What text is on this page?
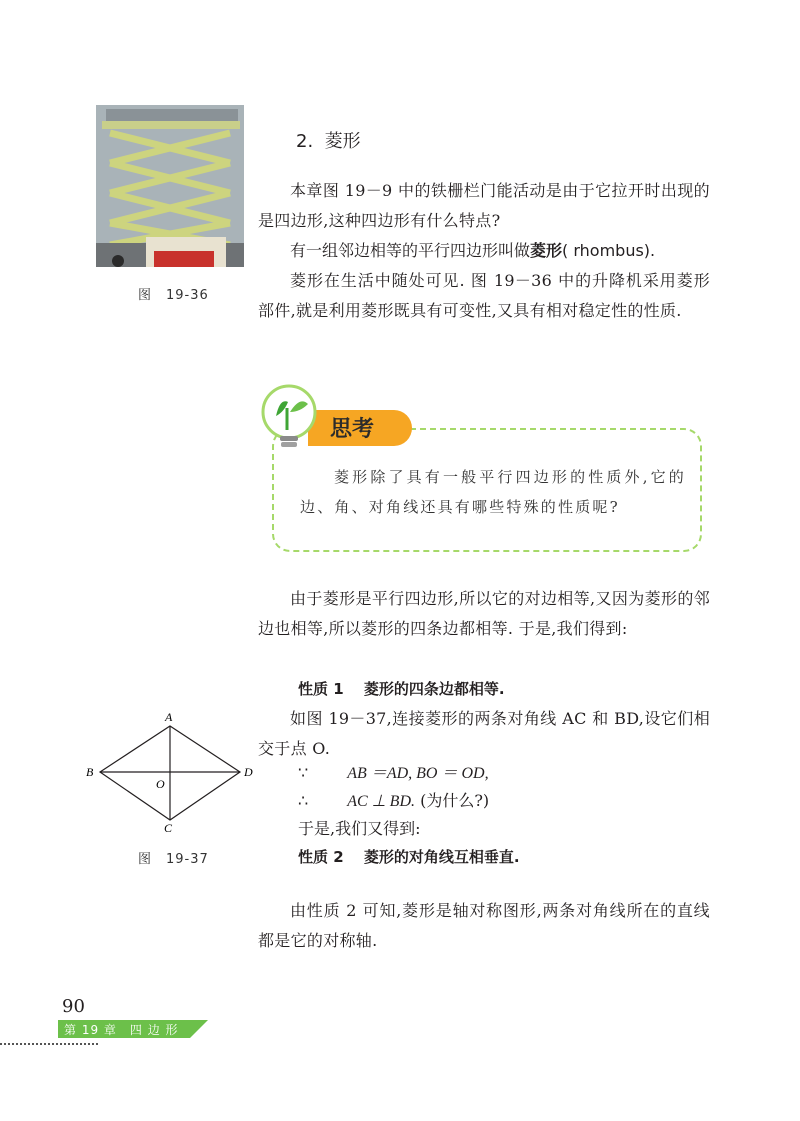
图　19-36
2. 菱形

本章图 19－9 中的铁栅栏门能活动是由于它拉开时出现的是四边形,这种四边形有什么特点?

有一组邻边相等的平行四边形叫做菱形( rhombus).

菱形在生活中随处可见. 图 19－36 中的升降机采用菱形部件,就是利用菱形既具有可变性,又具有相对稳定性的性质.

思考

菱形除了具有一般平行四边形的性质外,它的边、角、对角线还具有哪些特殊的性质呢?

由于菱形是平行四边形,所以它的对边相等,又因为菱形的邻边也相等,所以菱形的四条边都相等. 于是,我们得到:

性质 1　 菱形的四条边都相等.

如图 19－37,连接菱形的两条对角线 AC 和 BD,设它们相交于点 O.

∵ AB ＝AD, BO ＝ OD,

∴ AC ⊥ BD. (为什么?)

于是,我们又得到:

性质 2　 菱形的对角线互相垂直.

由性质 2 可知,菱形是轴对称图形,两条对角线所在的直线都是它的对称轴.

A
B
C
D
O
图　19-37
90
第 19 章　四 边 形
